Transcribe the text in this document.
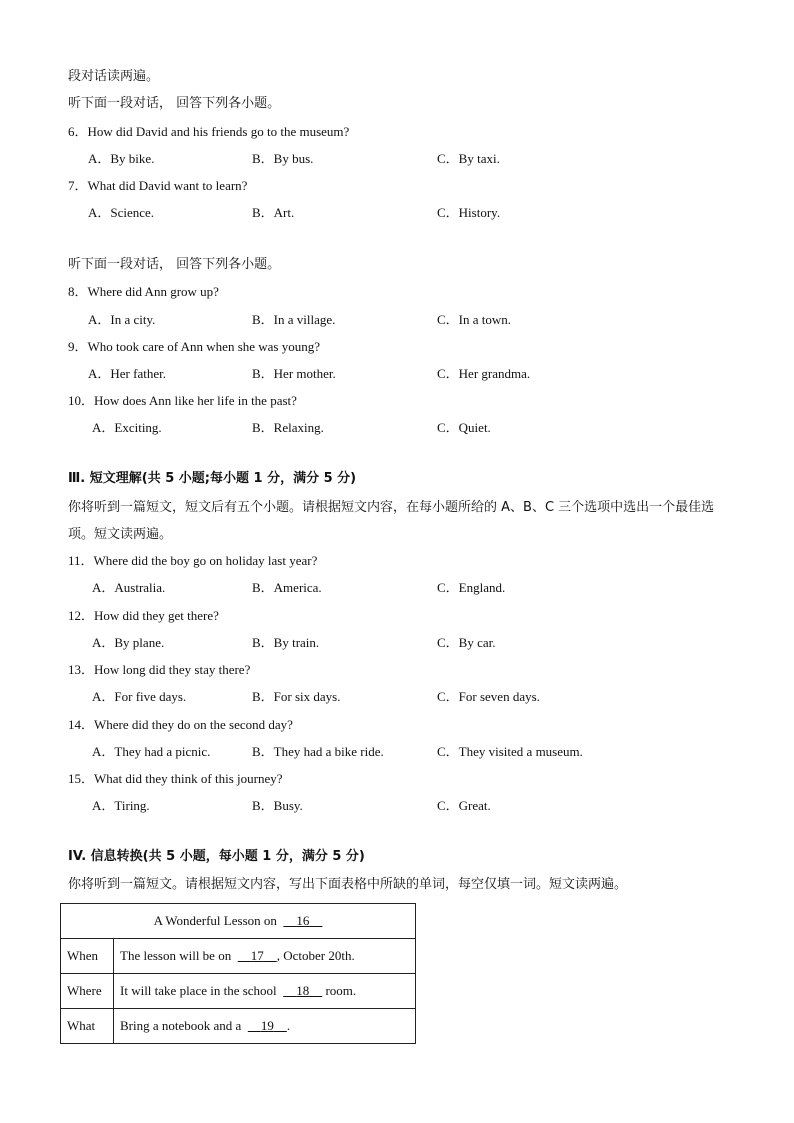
段对话读两遍。
听下面一段对话， 回答下列各小题。
6．How did David and his friends go to the museum?
A．By bike.	B．By bus.	C．By taxi.
7．What did David want to learn?
A．Science.	B．Art.	C．History.
听下面一段对话， 回答下列各小题。
8．Where did Ann grow up?
A．In a city.	B．In a village.	C．In a town.
9．Who took care of Ann when she was young?
A．Her father.	B．Her mother.	C．Her grandma.
10．How does Ann like her life in the past?
A．Exciting.	B．Relaxing.	C．Quiet.
Ⅲ. 短文理解(共 5 小题;每小题 1 分，满分 5 分)
你将听到一篇短文，短文后有五个小题。请根据短文内容，在每小题所给的 A、B、C 三个选项中选出一个最佳选项。短文读两遍。
11．Where did the boy go on holiday last year?
A．Australia.	B．America.	C．England.
12．How did they get there?
A．By plane.	B．By train.	C．By car.
13．How long did they stay there?
A．For five days.	B．For six days.	C．For seven days.
14．Where did they do on the second day?
A．They had a picnic.	B．They had a bike ride.	C．They visited a museum.
15．What did they think of this journey?
A．Tiring.	B．Busy.	C．Great.
IV. 信息转换(共 5 小题，每小题 1 分，满分 5 分)
你将听到一篇短文。请根据短文内容，写出下面表格中所缺的单词，每空仅填一词。短文读两遍。
A Wonderful Lesson on 16	
When	The lesson will be on 17 , October 20th.
Where	It will take place in the school 18     room.
What	Bring a notebook and a 19 .
